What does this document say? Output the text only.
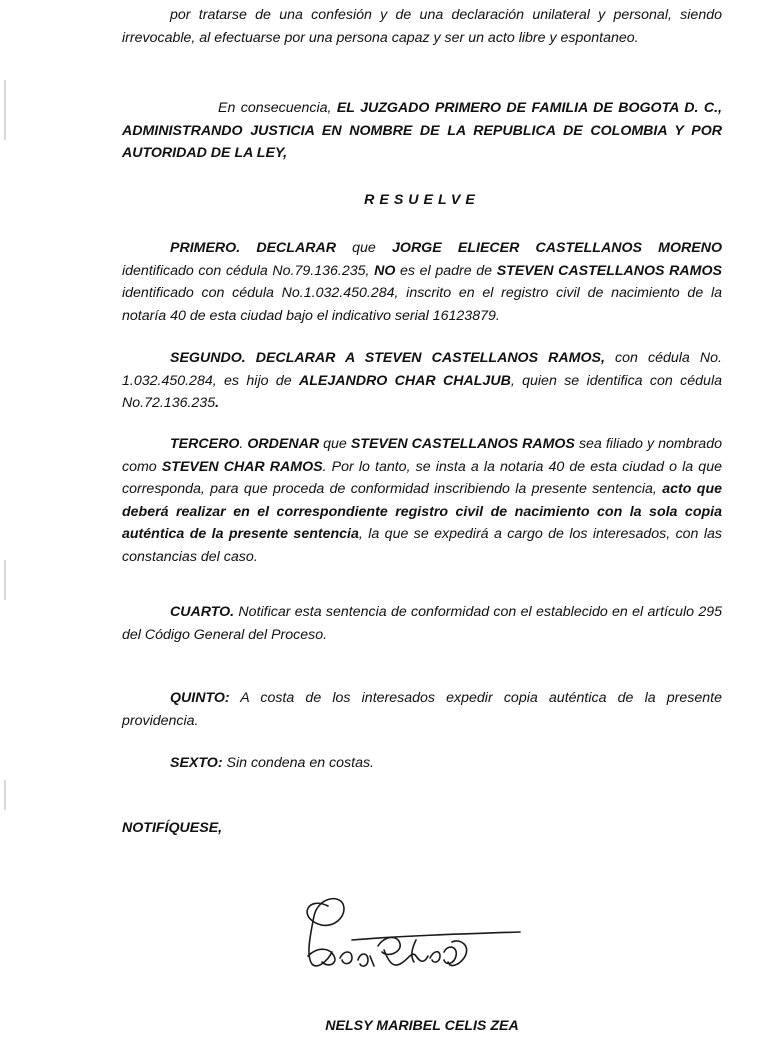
por tratarse de una confesión y de una declaración unilateral y personal, siendo irrevocable, al efectuarse por una persona capaz y ser un acto libre y espontaneo.

En consecuencia, EL JUZGADO PRIMERO DE FAMILIA DE BOGOTA D. C., ADMINISTRANDO JUSTICIA EN NOMBRE DE LA REPUBLICA DE COLOMBIA Y POR AUTORIDAD DE LA LEY,

RESUELVE

PRIMERO. DECLARAR que JORGE ELIECER CASTELLANOS MORENO identificado con cédula No.79.136.235, NO es el padre de STEVEN CASTELLANOS RAMOS identificado con cédula No.1.032.450.284, inscrito en el registro civil de nacimiento de la notaría 40 de esta ciudad bajo el indicativo serial 16123879.

SEGUNDO. DECLARAR A STEVEN CASTELLANOS RAMOS, con cédula No. 1.032.450.284, es hijo de ALEJANDRO CHAR CHALJUB, quien se identifica con cédula No.72.136.235.

TERCERO. ORDENAR que STEVEN CASTELLANOS RAMOS sea filiado y nombrado como STEVEN CHAR RAMOS. Por lo tanto, se insta a la notaria 40 de esta ciudad o la que corresponda, para que proceda de conformidad inscribiendo la presente sentencia, acto que deberá realizar en el correspondiente registro civil de nacimiento con la sola copia auténtica de la presente sentencia, la que se expedirá a cargo de los interesados, con las constancias del caso.

CUARTO. Notificar esta sentencia de conformidad con el establecido en el artículo 295 del Código General del Proceso.

QUINTO: A costa de los interesados expedir copia auténtica de la presente providencia.

SEXTO: Sin condena en costas.

NOTIFÍQUESE,

NELSY MARIBEL CELIS ZEA
